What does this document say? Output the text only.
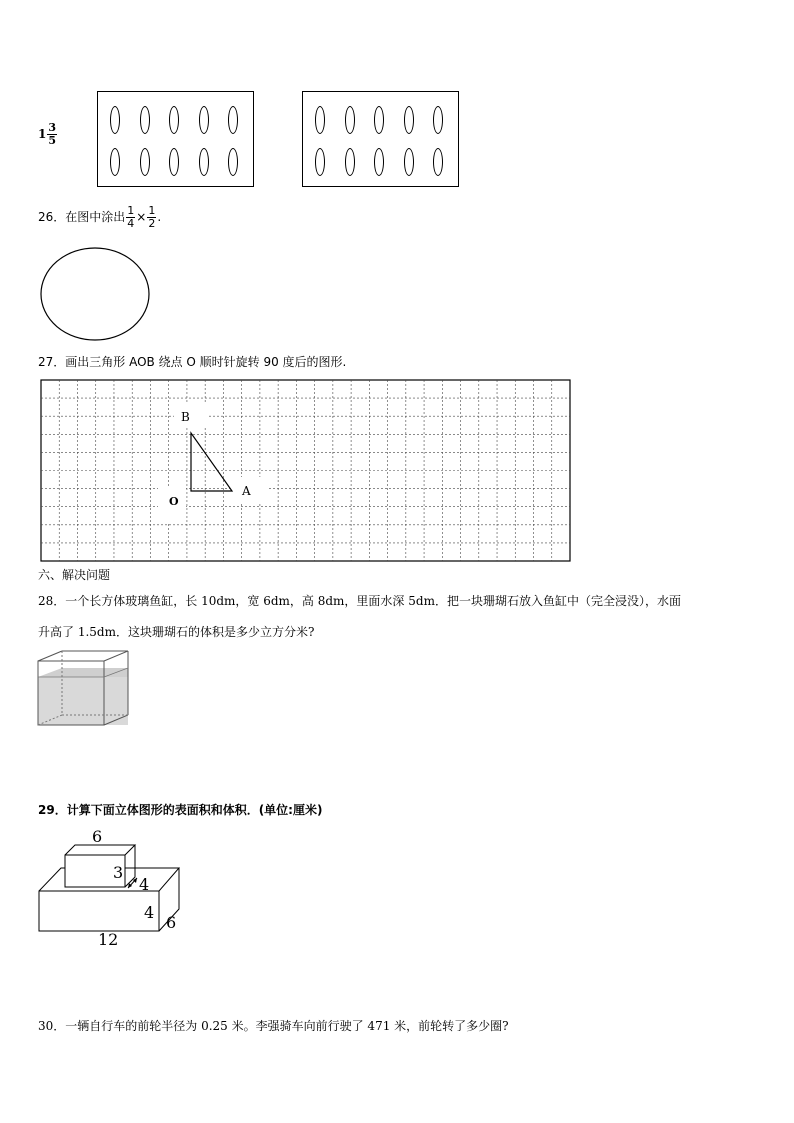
$1 \frac{3}{5}$
26．在图中涂出 $\frac{1}{4} \times \frac{1}{2}$ .
27．画出三角形 AOB 绕点 O 顺时针旋转 90 度后的图形.
B
A
O
六、解决问题
28．一个长方体玻璃鱼缸，长 10dm，宽 6dm，高 8dm，里面水深 5dm．把一块珊瑚石放入鱼缸中（完全浸没），水面
升高了 1.5dm．这块珊瑚石的体积是多少立方分米?
29．计算下面立体图形的表面积和体积．(单位:厘米)
6
3
4
4
6
12
30．一辆自行车的前轮半径为 0.25 米。李强骑车向前行驶了 471 米，前轮转了多少圈?
